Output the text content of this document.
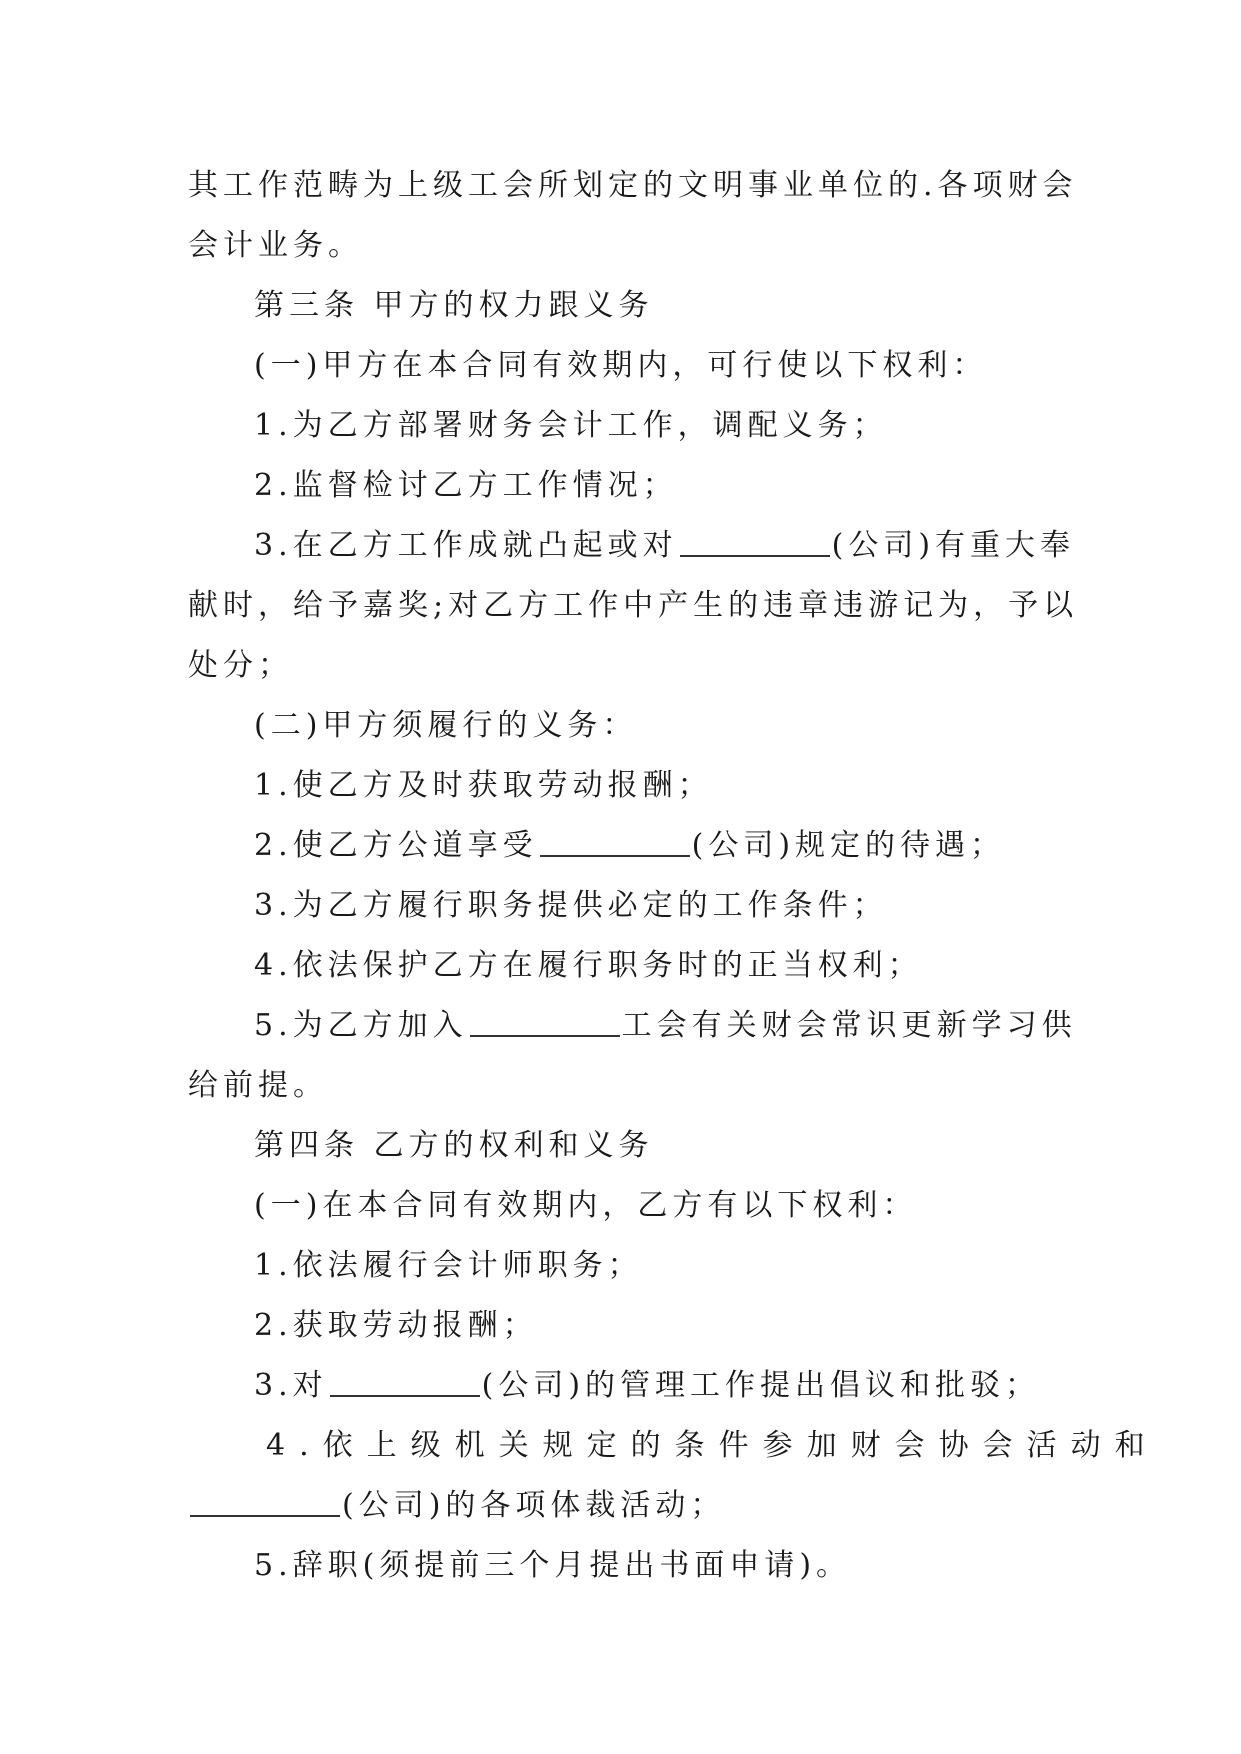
其工作范畴为上级工会所划定的文明事业单位的.各项财会
会计业务。
第三条 甲方的权力跟义务
(一)甲方在本合同有效期内，可行使以下权利：
1.为乙方部署财务会计工作，调配义务；
2.监督检讨乙方工作情况；
3.在乙方工作成就凸起或对	(公司)有重大奉
献时，给予嘉奖;对乙方工作中产生的违章违游记为，予以
处分；
(二)甲方须履行的义务：
1.使乙方及时获取劳动报酬；
2.使乙方公道享受	(公司)规定的待遇；
3.为乙方履行职务提供必定的工作条件；
4.依法保护乙方在履行职务时的正当权利；
5.为乙方加入	工会有关财会常识更新学习供
给前提。
第四条 乙方的权利和义务
(一)在本合同有效期内，乙方有以下权利：
1.依法履行会计师职务；
2.获取劳动报酬；
3.对	(公司)的管理工作提出倡议和批驳；
4.依上级机关规定的条件参加财会协会活动和
(公司)的各项体裁活动；
5.辞职(须提前三个月提出书面申请)。
